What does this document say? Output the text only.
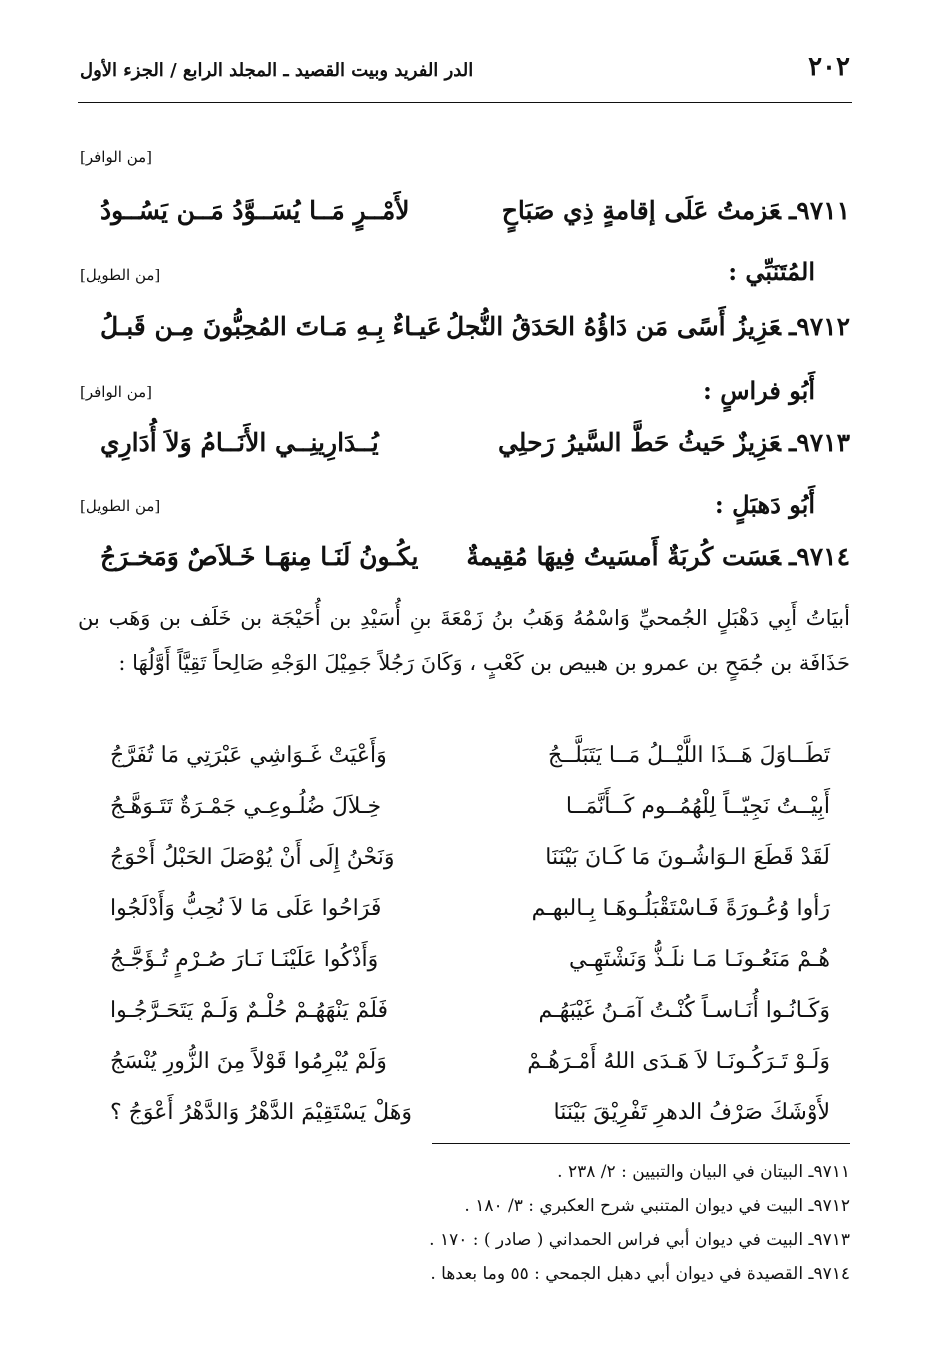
٢٠٢
الدر الفريد وبيت القصيد ـ المجلد الرابع / الجزء الأول
[من الوافر]
٩٧١١ـعَزمتُ عَلَى إقامةٍ ذِي صَبَاحٍ
لأَمْــرٍ مَــا يُسَــوَّدُ مَــن يَسُــودُ
المُتَنَبِّي :
[من الطويل]
٩٧١٢ـعَزِيزُ أَسًى مَن دَاؤُهُ الحَدَقُ النُّجلُ
عَيـاءٌ بِـهِ مَـاتَ المُحِبُّونَ مِـن قَبـلُ
أَبُو فراسٍ :
[من الوافر]
٩٧١٣ـعَزِيزٌ حَيثُ حَطَّ السَّيرُ رَحلِي
يُــدَارِينِــي الأَنَــامُ وَلاَ أُدَارِي
أَبُو دَهبَلٍ :
[من الطويل]
٩٧١٤ـعَسَت كُربَةٌ أَمسَيتُ فِيهَا مُقِيمةٌ
يكُـونُ لَنَـا مِنهَـا خَـلاَصٌ وَمَخـرَجُ
أبيَاتُ أَبِي دَهْبَلٍ الجُمحيِّ وَاسْمُهُ وَهَبُ بنُ زَمْعَةَ بنِ أُسَيْدِ بن أُحَيْجَة بن خَلَف بن وَهَب بن حَذَافَة بن جُمَحٍ بن عمرو بن هبيص بن كَعْبٍ ، وَكَانَ رَجُلاً جَمِيْلَ الوَجْهِ صَالِحاً تَقِيَّاً أَوَّلُهَا :
تَطَــاوَلَ هَــذَا اللَّيْــلُ مَــا يَتَبَلَّــجُ
وَأَعْيَتْ غَـوَاشِي عَبْرَتِي مَا تُفَرَّجُ
أَبِيْــتُ نَجِيّــاً لِلْهُمُــوم كَــأَنَّمَــا
خِـلاَلَ ضُلُـوعِـي جَمْـرَةٌ تَتَـوَهَّـجُ
لَقَدْ قَطَعَ الـوَاشُـونَ مَا كَـانَ بَيْنَنَا
وَنَحْنُ إِلَى أَنْ يُوْصَلَ الحَبْلُ أَحْوَجُ
رَأوا وُعُـورَةً فَـاسْتَقْبَلُـوهَـا بِـالبهـم
فَرَاحُوا عَلَى مَا لاَ نُحِبُّ وَأَدْلَجُوا
هُـمْ مَنَعُـونَـا مَـا نلَـذُّ وَنَشْتَهِـي
وَأَذْكُوا عَلَيْنَـا نَـارَ صُـرْمٍ تُـؤَجَّـجُ
وَكَـانُـوا أُنَـاسـاً كُنْـتُ آمَـنُ غَيْبَهُـم
فَلَمْ يَنْهَهُـمْ حُلْـمٌ وَلَـمْ يَتَحَـرَّجُـوا
وَلَـوْ تَـرَكُـونَـا لاَ هَـدَى اللهُ أَمْـرَهُـمْ
وَلَمْ يُبْرِمُوا قَوْلاً مِنَ الزُّورِ يُنْسَجُ
لأَوْشَكَ صَرْفُ الدهرِ تَفْرِيْقَ بَيْنَنَا
وَهَلْ يَسْتَقِيْمَ الدَّهْرُ وَالدَّهْرُ أَعْوَجُ ؟
٩٧١١ـ البيتان في البيان والتبيين : ٢/ ٢٣٨ .
٩٧١٢ـ البيت في ديوان المتنبي شرح العكبري : ٣/ ١٨٠ .
٩٧١٣ـ البيت في ديوان أبي فراس الحمداني ( صادر ) : ١٧٠ .
٩٧١٤ـ القصيدة في ديوان أبي دهبل الجمحي : ٥٥ وما بعدها .
